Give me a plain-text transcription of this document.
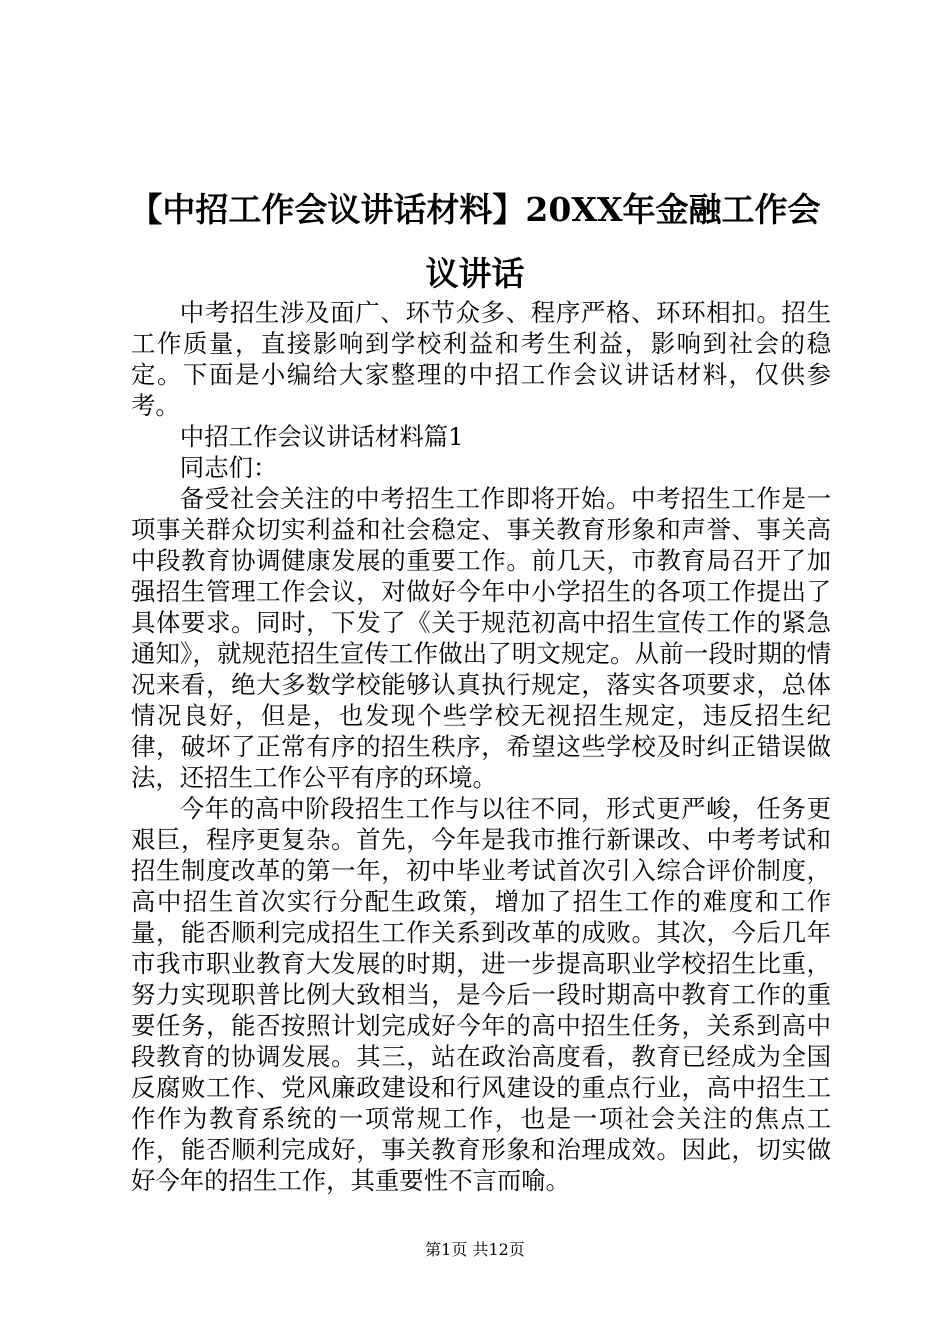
【中招工作会议讲话材料】20XX年金融工作会议讲话

中考招生涉及面广、环节众多、程序严格、环环相扣。招生工作质量，直接影响到学校利益和考生利益，影响到社会的稳定。下面是小编给大家整理的中招工作会议讲话材料，仅供参考。

中招工作会议讲话材料篇1

同志们：

备受社会关注的中考招生工作即将开始。中考招生工作是一项事关群众切实利益和社会稳定、事关教育形象和声誉、事关高中段教育协调健康发展的重要工作。前几天，市教育局召开了加强招生管理工作会议，对做好今年中小学招生的各项工作提出了具体要求。同时，下发了《关于规范初高中招生宣传工作的紧急通知》，就规范招生宣传工作做出了明文规定。从前一段时期的情况来看，绝大多数学校能够认真执行规定，落实各项要求，总体情况良好，但是，也发现个些学校无视招生规定，违反招生纪律，破坏了正常有序的招生秩序，希望这些学校及时纠正错误做法，还招生工作公平有序的环境。

今年的高中阶段招生工作与以往不同，形式更严峻，任务更艰巨，程序更复杂。首先，今年是我市推行新课改、中考考试和招生制度改革的第一年，初中毕业考试首次引入综合评价制度，高中招生首次实行分配生政策，增加了招生工作的难度和工作量，能否顺利完成招生工作关系到改革的成败。其次，今后几年市我市职业教育大发展的时期，进一步提高职业学校招生比重，努力实现职普比例大致相当，是今后一段时期高中教育工作的重要任务，能否按照计划完成好今年的高中招生任务，关系到高中段教育的协调发展。其三，站在政治高度看，教育已经成为全国反腐败工作、党风廉政建设和行风建设的重点行业，高中招生工作作为教育系统的一项常规工作，也是一项社会关注的焦点工作，能否顺利完成好，事关教育形象和治理成效。因此，切实做好今年的招生工作，其重要性不言而喻。

第1页 共12页
